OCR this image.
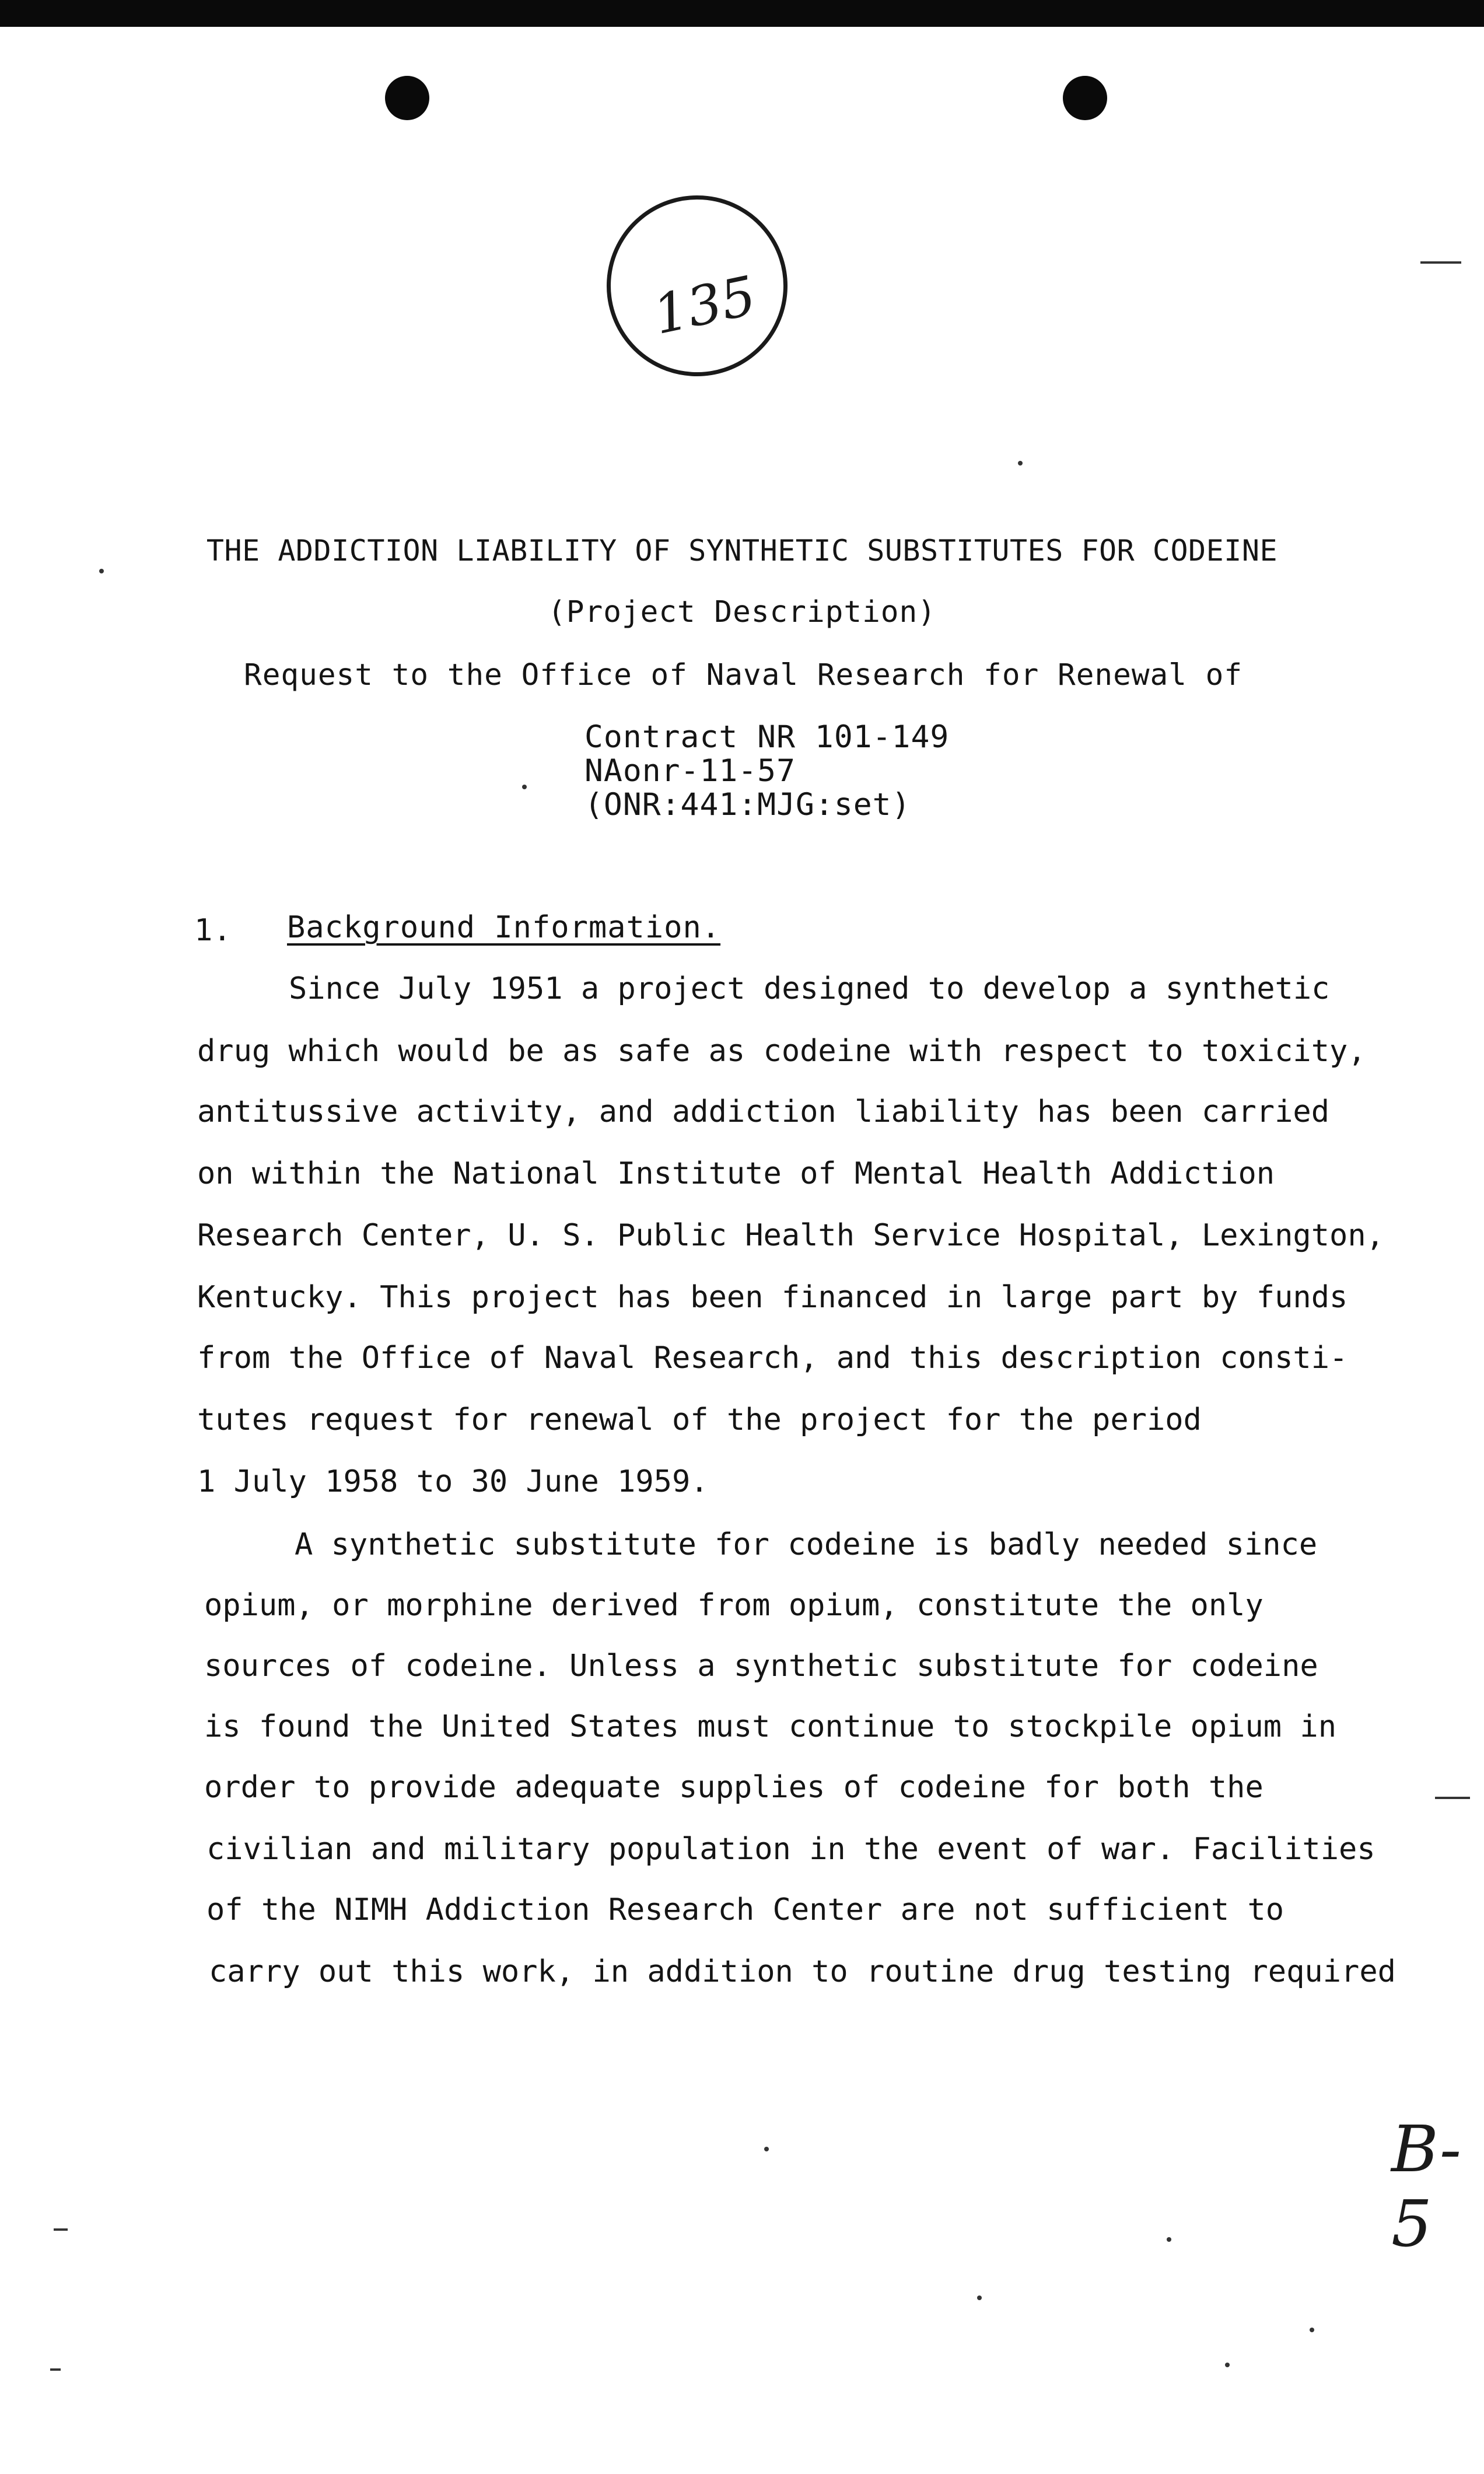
135
THE ADDICTION LIABILITY OF SYNTHETIC SUBSTITUTES FOR CODEINE
(Project Description)
Request to the Office of Naval Research for Renewal of
Contract NR 101-149
NAonr-11-57
(ONR:441:MJG:set)
1. Background Information.
Since July 1951 a project designed to develop a synthetic
drug which would be as safe as codeine with respect to toxicity,
antitussive activity, and addiction liability has been carried
on within the National Institute of Mental Health Addiction
Research Center, U. S. Public Health Service Hospital, Lexington,
Kentucky. This project has been financed in large part by funds
from the Office of Naval Research, and this description consti-
tutes request for renewal of the project for the period
1 July 1958 to 30 June 1959.
A synthetic substitute for codeine is badly needed since
opium, or morphine derived from opium, constitute the only
sources of codeine. Unless a synthetic substitute for codeine
is found the United States must continue to stockpile opium in
order to provide adequate supplies of codeine for both the
civilian and military population in the event of war. Facilities
of the NIMH Addiction Research Center are not sufficient to
carry out this work, in addition to routine drug testing required
B-5
